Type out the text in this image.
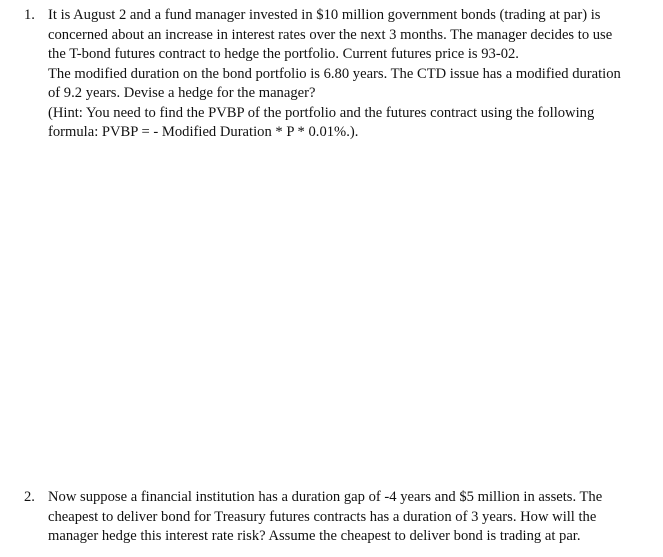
1. It is August 2 and a fund manager invested in $10 million government bonds (trading at par) is
concerned about an increase in interest rates over the next 3 months. The manager decides to use
the T-bond futures contract to hedge the portfolio. Current futures price is 93-02.
The modified duration on the bond portfolio is 6.80 years. The CTD issue has a modified duration
of 9.2 years. Devise a hedge for the manager?
(Hint: You need to find the PVBP of the portfolio and the futures contract using the following
formula: PVBP = - Modified Duration * P * 0.01%.).
2. Now suppose a financial institution has a duration gap of -4 years and $5 million in assets. The
cheapest to deliver bond for Treasury futures contracts has a duration of 3 years. How will the
manager hedge this interest rate risk? Assume the cheapest to deliver bond is trading at par.
